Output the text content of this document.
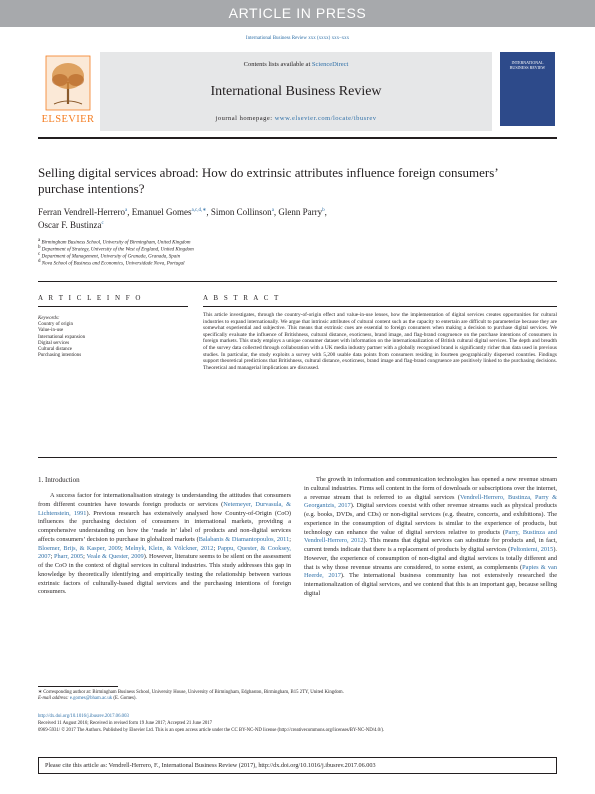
ARTICLE IN PRESS
International Business Review xxx (xxxx) xxx–xxx
ELSEVIER
Contents lists available at ScienceDirect
International Business Review
journal homepage: www.elsevier.com/locate/ibusrev
INTERNATIONAL BUSINESS REVIEW
Selling digital services abroad: How do extrinsic attributes influence foreign consumers’ purchase intentions?
Ferran Vendrell-Herrero$^a$, Emanuel Gomes$^{a,c,d,∗}$, Simon Collinson$^a$, Glenn Parry$^b$,
Oscar F. Bustinza$^c$
a Birmingham Business School, University of Birmingham, United Kingdom
b Department of Strategy, University of the West of England, United Kingdom
c Department of Management, University of Granada, Granada, Spain
d Nova School of Business and Economics, Universidade Nova, Portugal
A R T I C L E I N F O	A B S T R A C T
Keywords:
Country of origin
Value-in-use
International expansion
Digital services
Cultural distance
Purchasing intentions
This article investigates, through the country-of-origin effect and value-in-use lenses, how the implementation of digital services creates opportunities for cultural industries to expand internationally. We argue that intrinsic attributes of cultural content such as the capacity to entertain are difficult to parameterize because they are somewhat experiential and subjective. This means that extrinsic cues are essential to foreign consumers when making a decision to purchase digital services. We specifically evaluate the influence of Britishness, cultural distance, exoticness, brand image, and flag-brand congruence on the purchase intentions of consumers in foreign markets. This study employs a unique consumer dataset with information on the internationalization of British cultural digital services. The depth and breadth of the survey data collected through collaboration with a UK media industry partner with a globally recognised brand is significantly richer than data used in previous studies. In particular, the study exploits a survey with 5,200 usable data points from consumers residing in fourteen geographically dispersed countries. Findings support theoretical predictions that Britishness, cultural distance, exoticness, brand image and flag-brand congruence are positively linked to the purchasing decisions. Theoretical and managerial implications are discussed.
1. Introduction

A success factor for internationalisation strategy is understanding the attitudes that consumers from different countries have towards foreign products or services (Netemeyer, Durvasula, & Lichtenstein, 1991). Previous research has extensively analysed how Country-of-Origin (CoO) influences the purchasing decision of consumers in international markets, providing a comprehensive understanding on how the ‘made in’ label of products and non-digital services affects consumers’ decision to purchase in globalized markets (Balabanis & Diamantopoulos, 2011; Bloemer, Brijs, & Kasper, 2009; Melnyk, Klein, & Völckner, 2012; Pappu, Quester, & Cooksey, 2007; Pharr, 2005; Veale & Quester, 2009). However, literature seems to be silent on the assessment of the CoO in the context of digital services in cultural industries. This study addresses this gap in knowledge by theoretically identifying and empirically testing the relationship between various extrinsic factors of culturally-based digital services and the purchasing intentions of foreign consumers.

The growth in information and communication technologies has opened a new revenue stream in cultural industries. Firms sell content in the form of downloads or subscriptions over the internet, a revenue stream that is referred to as digital services (Vendrell-Herrero, Bustinza, Parry & Georgantzis, 2017). Digital services coexist with other revenue streams such as physical products (e.g. books, DVDs, and CDs) or non-digital services (e.g. theatre, concerts, and exhibitions). The experience in the consumption of digital services is similar to the experience of products, but technology can enhance the value of digital services relative to products (Parry, Bustinza and Vendrell-Herrero, 2012). This means that digital services can substitute for products and, in fact, current trends indicate that there is a replacement of products by digital services (Peltoniemi, 2015). However, the experience of consumption of non-digital and digital services is totally different and that is why those revenue streams are considered, to some extent, as complements (Papies & van Heerde, 2017). The international business community has not extensively researched the internationalization of digital services, and we contend that this is an important gap, because selling digital

∗ Corresponding author at: Birmingham Business School, University House, University of Birmingham, Edgbaston, Birmingham, B15 2TY, United Kingdom.
E-mail address: e.gomes@bham.ac.uk (E. Gomes).
http://dx.doi.org/10.1016/j.ibusrev.2017.06.003
Received 11 August 2016; Received in revised form 19 June 2017; Accepted 21 June 2017
0969-5931/ © 2017 The Authors. Published by Elsevier Ltd. This is an open access article under the CC BY-NC-ND license (http://creativecommons.org/licenses/BY-NC-ND/4.0/).
Please cite this article as: Vendrell-Herrero, F., International Business Review (2017), http://dx.doi.org/10.1016/j.ibusrev.2017.06.003
